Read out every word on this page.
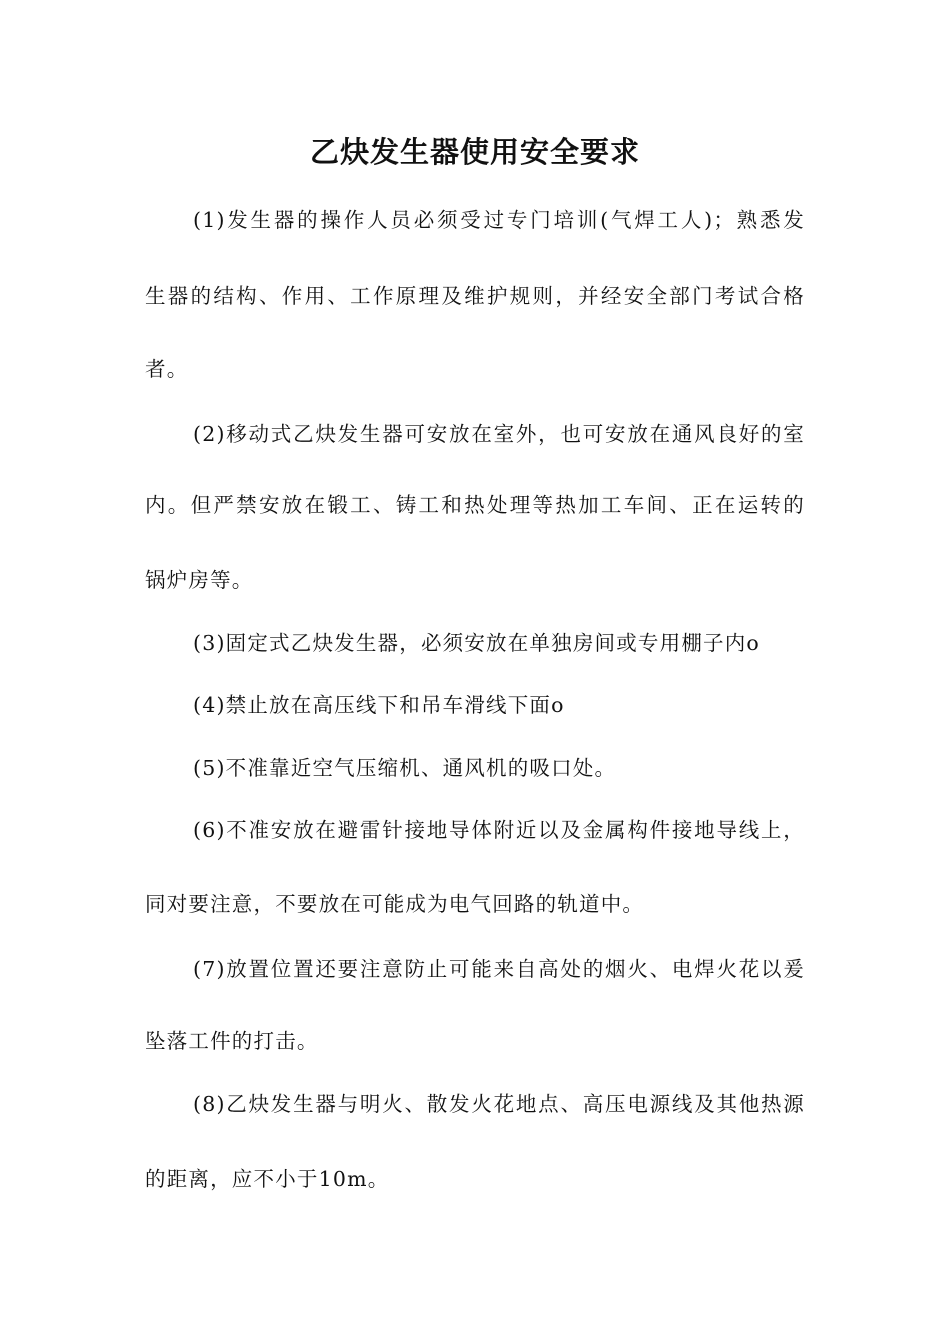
乙炔发生器使用安全要求
(1)发生器的操作人员必须受过专门培训(气焊工人)；熟悉发
生器的结构、作用、工作原理及维护规则，并经安全部门考试合格
者。
(2)移动式乙炔发生器可安放在室外，也可安放在通风良好的室
内。但严禁安放在锻工、铸工和热处理等热加工车间、正在运转的
锅炉房等。
(3)固定式乙炔发生器，必须安放在单独房间或专用棚子内o
(4)禁止放在高压线下和吊车滑线下面o
(5)不准靠近空气压缩机、通风机的吸口处。
(6)不准安放在避雷针接地导体附近以及金属构件接地导线上，
同对要注意，不要放在可能成为电气回路的轨道中。
(7)放置位置还要注意防止可能来自高处的烟火、电焊火花以爰
坠落工件的打击。
(8)乙炔发生器与明火、散发火花地点、高压电源线及其他热源
的距离，应不小于10m。
